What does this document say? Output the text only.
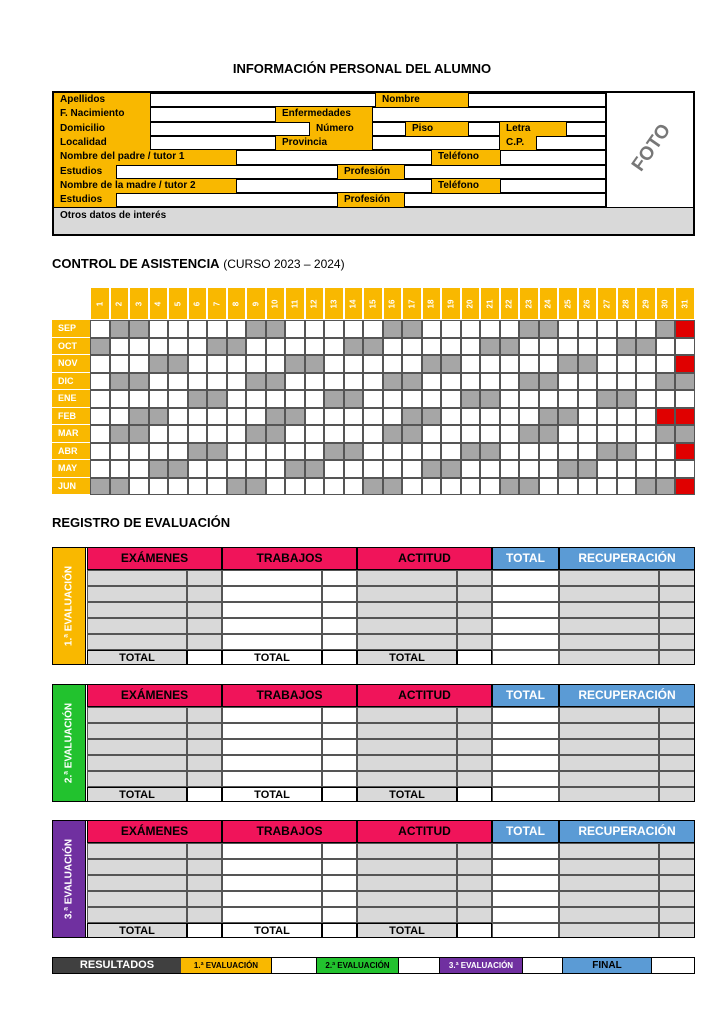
INFORMACIÓN PERSONAL DEL ALUMNO
Apellidos	Nombre
F. Nacimiento	Enfermedades
Domicilio	Número	Piso	Letra
Localidad	Provincia	C.P.
Nombre del padre / tutor 1	Teléfono
Estudios	Profesión
Nombre de la madre / tutor 2	Teléfono
Estudios	Profesión
FOTO
Otros datos de interés
CONTROL DE ASISTENCIA (CURSO 2023 – 2024)
1 2 3 4 5 6 7 8 9 10 11 12 13 14 15 16 17 18 19 20 21 22 23 24 25 26 27 28 29 30 31
SEP
OCT
NOV
DIC
ENE
FEB
MAR
ABR
MAY
JUN
REGISTRO DE EVALUACIÓN
1.ª EVALUACIÓN
EXÁMENES	TRABAJOS	ACTITUD	TOTAL	RECUPERACIÓN
TOTAL	TOTAL	TOTAL
2.ª EVALUACIÓN
EXÁMENES	TRABAJOS	ACTITUD	TOTAL	RECUPERACIÓN
TOTAL	TOTAL	TOTAL
3.ª EVALUACIÓN
EXÁMENES	TRABAJOS	ACTITUD	TOTAL	RECUPERACIÓN
TOTAL	TOTAL	TOTAL
RESULTADOS	1.ª EVALUACIÓN	2.ª EVALUACIÓN	3.ª EVALUACIÓN	FINAL
